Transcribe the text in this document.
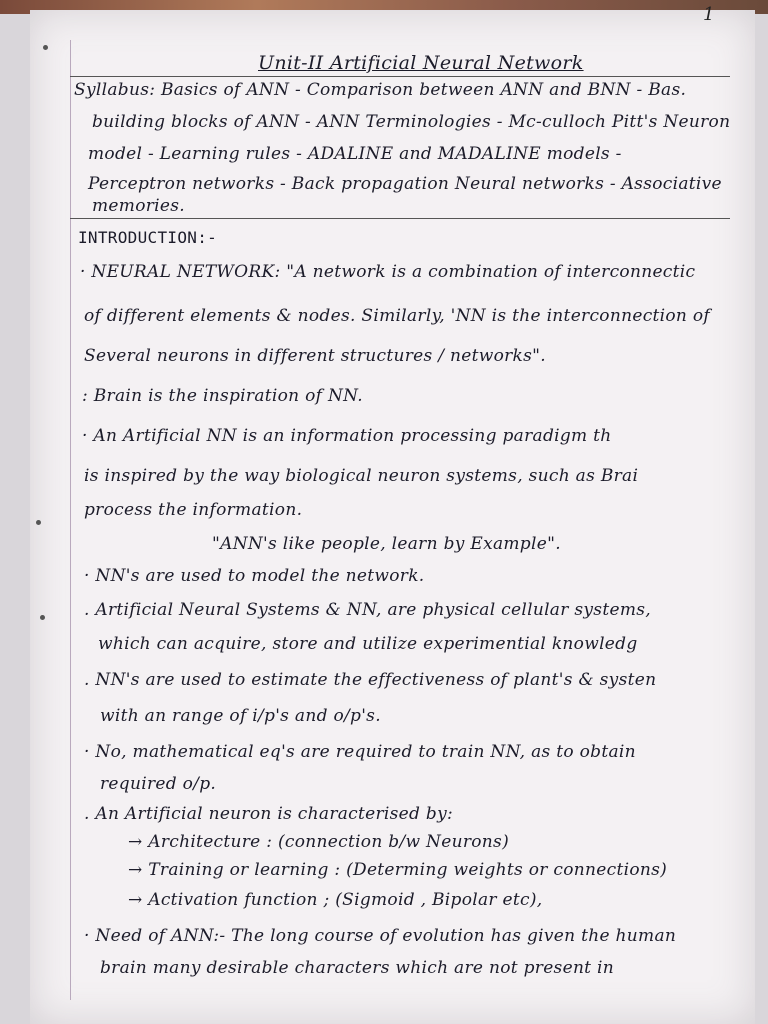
1
Unit-II Artificial Neural Network
Syllabus: Basics of ANN - Comparison between ANN and BNN - Bas.
building blocks of ANN - ANN Terminologies - Mc-culloch Pitt's Neuron
model - Learning rules - ADALINE and MADALINE models -
Perceptron networks - Back propagation Neural networks - Associative
memories.
INTRODUCTION:-
· NEURAL NETWORK: "A network is a combination of interconnectic
of different elements & nodes. Similarly, 'NN is the interconnection of
Several neurons in different structures / networks".
: Brain is the inspiration of NN.
· An Artificial NN is an information processing paradigm th
is inspired by the way biological neuron systems, such as Brai
process the information.
"ANN's like people, learn by Example".
· NN's are used to model the network.
. Artificial Neural Systems & NN, are physical cellular systems,
which can acquire, store and utilize experimential knowledg
. NN's are used to estimate the effectiveness of plant's & systen
with an range of i/p's and o/p's.
· No, mathematical eq's are required to train NN, as to obtain
required o/p.
. An Artificial neuron is characterised by:
→ Architecture : (connection b/w Neurons)
→ Training or learning : (Determing weights or connections)
→ Activation function ; (Sigmoid , Bipolar etc),
· Need of ANN:- The long course of evolution has given the human
brain many desirable characters which are not present in
